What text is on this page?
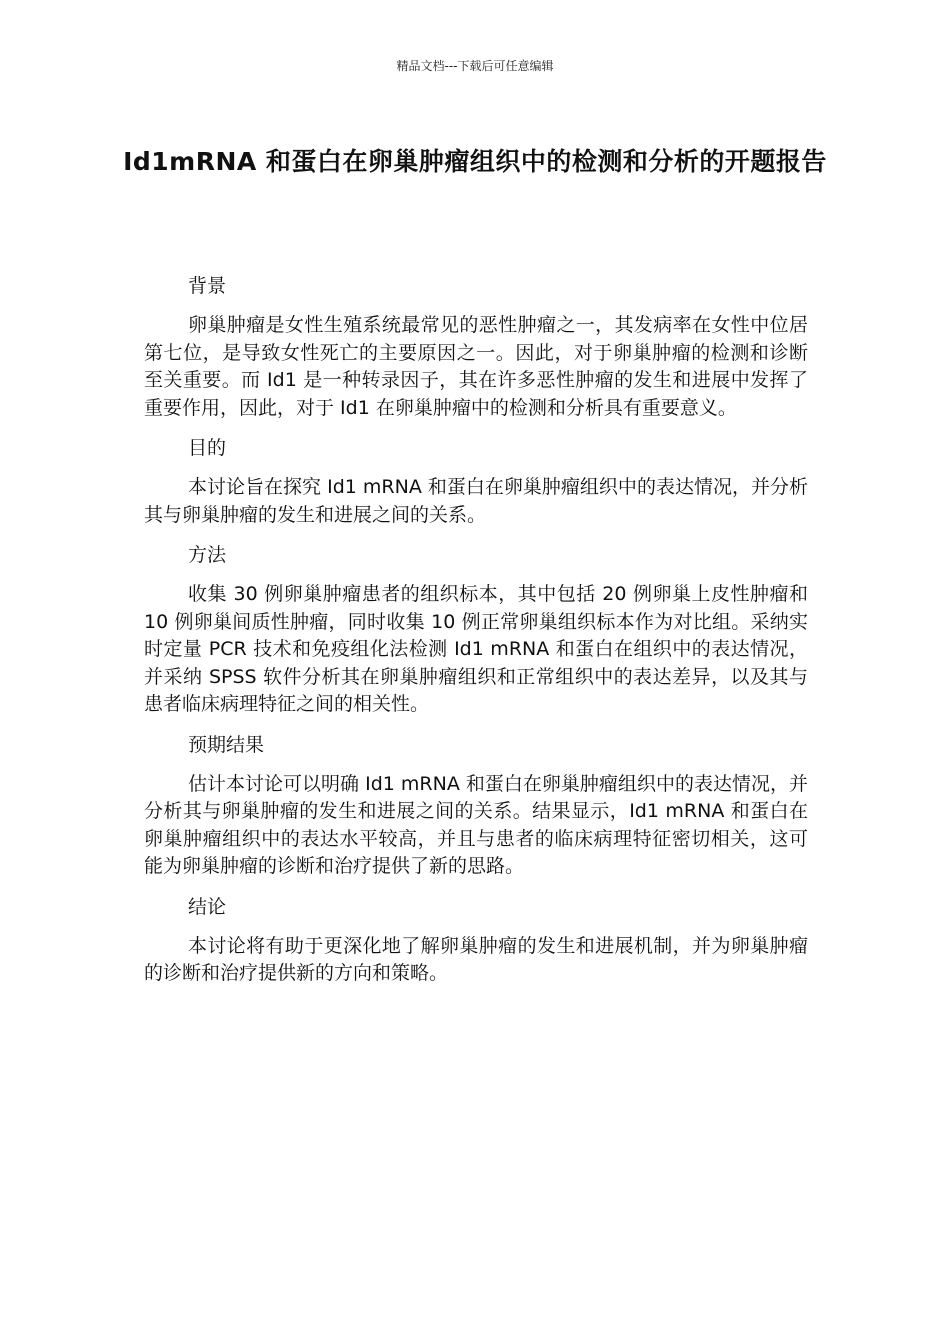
精品文档---下载后可任意编辑
Id1mRNA 和蛋白在卵巢肿瘤组织中的检测和分析的开题报告

背景

卵巢肿瘤是女性生殖系统最常见的恶性肿瘤之一，其发病率在女性中位居第七位，是导致女性死亡的主要原因之一。因此，对于卵巢肿瘤的检测和诊断至关重要。而 Id1 是一种转录因子，其在许多恶性肿瘤的发生和进展中发挥了重要作用，因此，对于 Id1 在卵巢肿瘤中的检测和分析具有重要意义。

目的

本讨论旨在探究 Id1 mRNA 和蛋白在卵巢肿瘤组织中的表达情况，并分析其与卵巢肿瘤的发生和进展之间的关系。

方法

收集 30 例卵巢肿瘤患者的组织标本，其中包括 20 例卵巢上皮性肿瘤和 10 例卵巢间质性肿瘤，同时收集 10 例正常卵巢组织标本作为对比组。采纳实时定量 PCR 技术和免疫组化法检测 Id1 mRNA 和蛋白在组织中的表达情况，并采纳 SPSS 软件分析其在卵巢肿瘤组织和正常组织中的表达差异，以及其与患者临床病理特征之间的相关性。

预期结果

估计本讨论可以明确 Id1 mRNA 和蛋白在卵巢肿瘤组织中的表达情况，并分析其与卵巢肿瘤的发生和进展之间的关系。结果显示，Id1 mRNA 和蛋白在卵巢肿瘤组织中的表达水平较高，并且与患者的临床病理特征密切相关，这可能为卵巢肿瘤的诊断和治疗提供了新的思路。

结论

本讨论将有助于更深化地了解卵巢肿瘤的发生和进展机制，并为卵巢肿瘤的诊断和治疗提供新的方向和策略。
